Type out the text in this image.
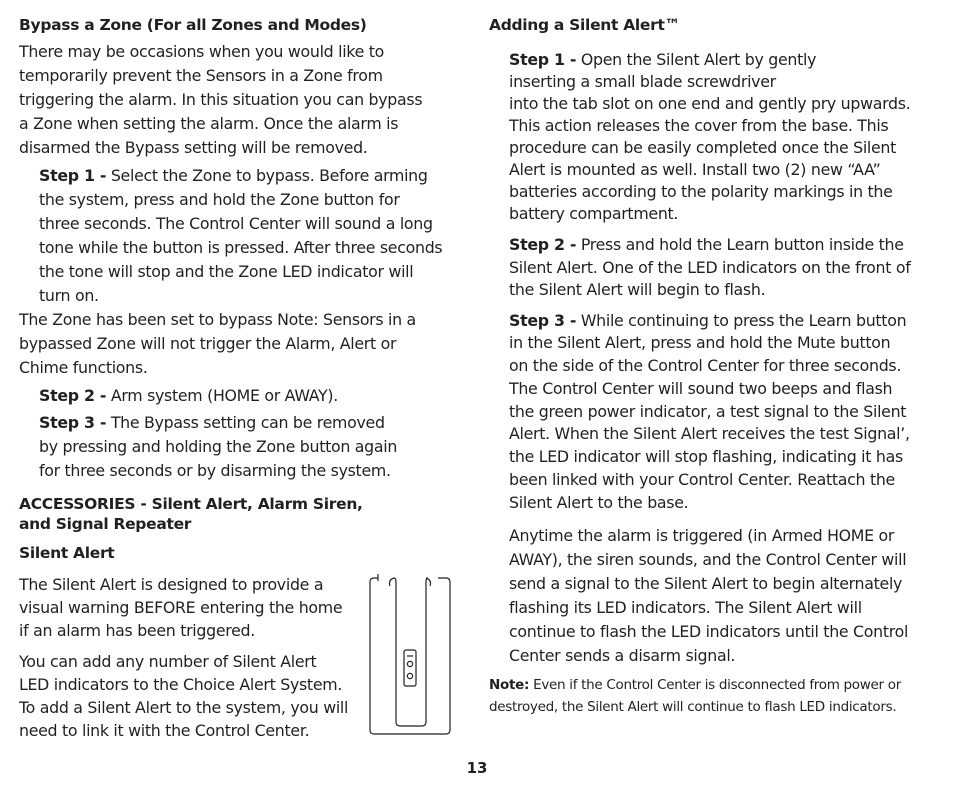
Bypass a Zone (For all Zones and Modes)

There may be occasions when you would like to
temporarily prevent the Sensors in a Zone from
triggering the alarm. In this situation you can bypass
a Zone when setting the alarm. Once the alarm is
disarmed the Bypass setting will be removed.

Step 1 - Select the Zone to bypass. Before arming
the system, press and hold the Zone button for
three seconds. The Control Center will sound a long
tone while the button is pressed. After three seconds
the tone will stop and the Zone LED indicator will
turn on.

The Zone has been set to bypass Note: Sensors in a
bypassed Zone will not trigger the Alarm, Alert or
Chime functions.

Step 2 - Arm system (HOME or AWAY).

Step 3 - The Bypass setting can be removed
by pressing and holding the Zone button again
for three seconds or by disarming the system.

ACCESSORIES - Silent Alert, Alarm Siren,
and Signal Repeater

Silent Alert

The Silent Alert is designed to provide a
visual warning BEFORE entering the home
if an alarm has been triggered.

You can add any number of Silent Alert
LED indicators to the Choice Alert System.
To add a Silent Alert to the system, you will
need to link it with the Control Center.

Adding a Silent Alert™

Step 1 - Open the Silent Alert by gently
inserting a small blade screwdriver
into the tab slot on one end and gently pry upwards.
This action releases the cover from the base. This
procedure can be easily completed once the Silent
Alert is mounted as well. Install two (2) new “AA”
batteries according to the polarity markings in the
battery compartment.

Step 2 - Press and hold the Learn button inside the
Silent Alert. One of the LED indicators on the front of
the Silent Alert will begin to flash.

Step 3 - While continuing to press the Learn button
in the Silent Alert, press and hold the Mute button
on the side of the Control Center for three seconds.
The Control Center will sound two beeps and flash
the green power indicator, a test signal to the Silent
Alert. When the Silent Alert receives the test Signal’,
the LED indicator will stop flashing, indicating it has
been linked with your Control Center. Reattach the
Silent Alert to the base.

Anytime the alarm is triggered (in Armed HOME or
AWAY), the siren sounds, and the Control Center will
send a signal to the Silent Alert to begin alternately
flashing its LED indicators. The Silent Alert will
continue to flash the LED indicators until the Control
Center sends a disarm signal.

Note: Even if the Control Center is disconnected from power or
destroyed, the Silent Alert will continue to flash LED indicators.

13
